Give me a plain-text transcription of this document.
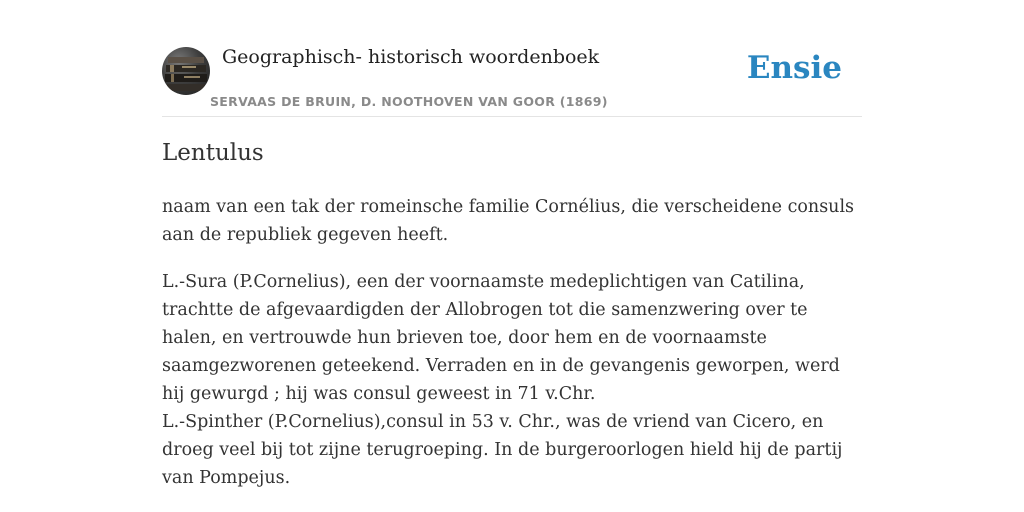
Geographisch- historisch woordenboek
SERVAAS DE BRUIN, D. NOOTHOVEN VAN GOOR (1869)
Ensie
Lentulus

naam van een tak der romeinsche familie Cornélius, die verscheidene consuls aan de republiek gegeven heeft.

L.-Sura (P.Cornelius), een der voornaamste medeplichtigen van Catilina, trachtte de afgevaardigden der Allobrogen tot die samenzwering over te halen, en vertrouwde hun brieven toe, door hem en de voornaamste saamgezworenen geteekend. Verraden en in de gevangenis geworpen, werd hij gewurgd ; hij was consul geweest in 71 v.Chr.

L.-Spinther (P.Cornelius),consul in 53 v. Chr., was de vriend van Cicero, en droeg veel bij tot zijne terugroeping. In de burgeroorlogen hield hij de partij van Pompejus.
